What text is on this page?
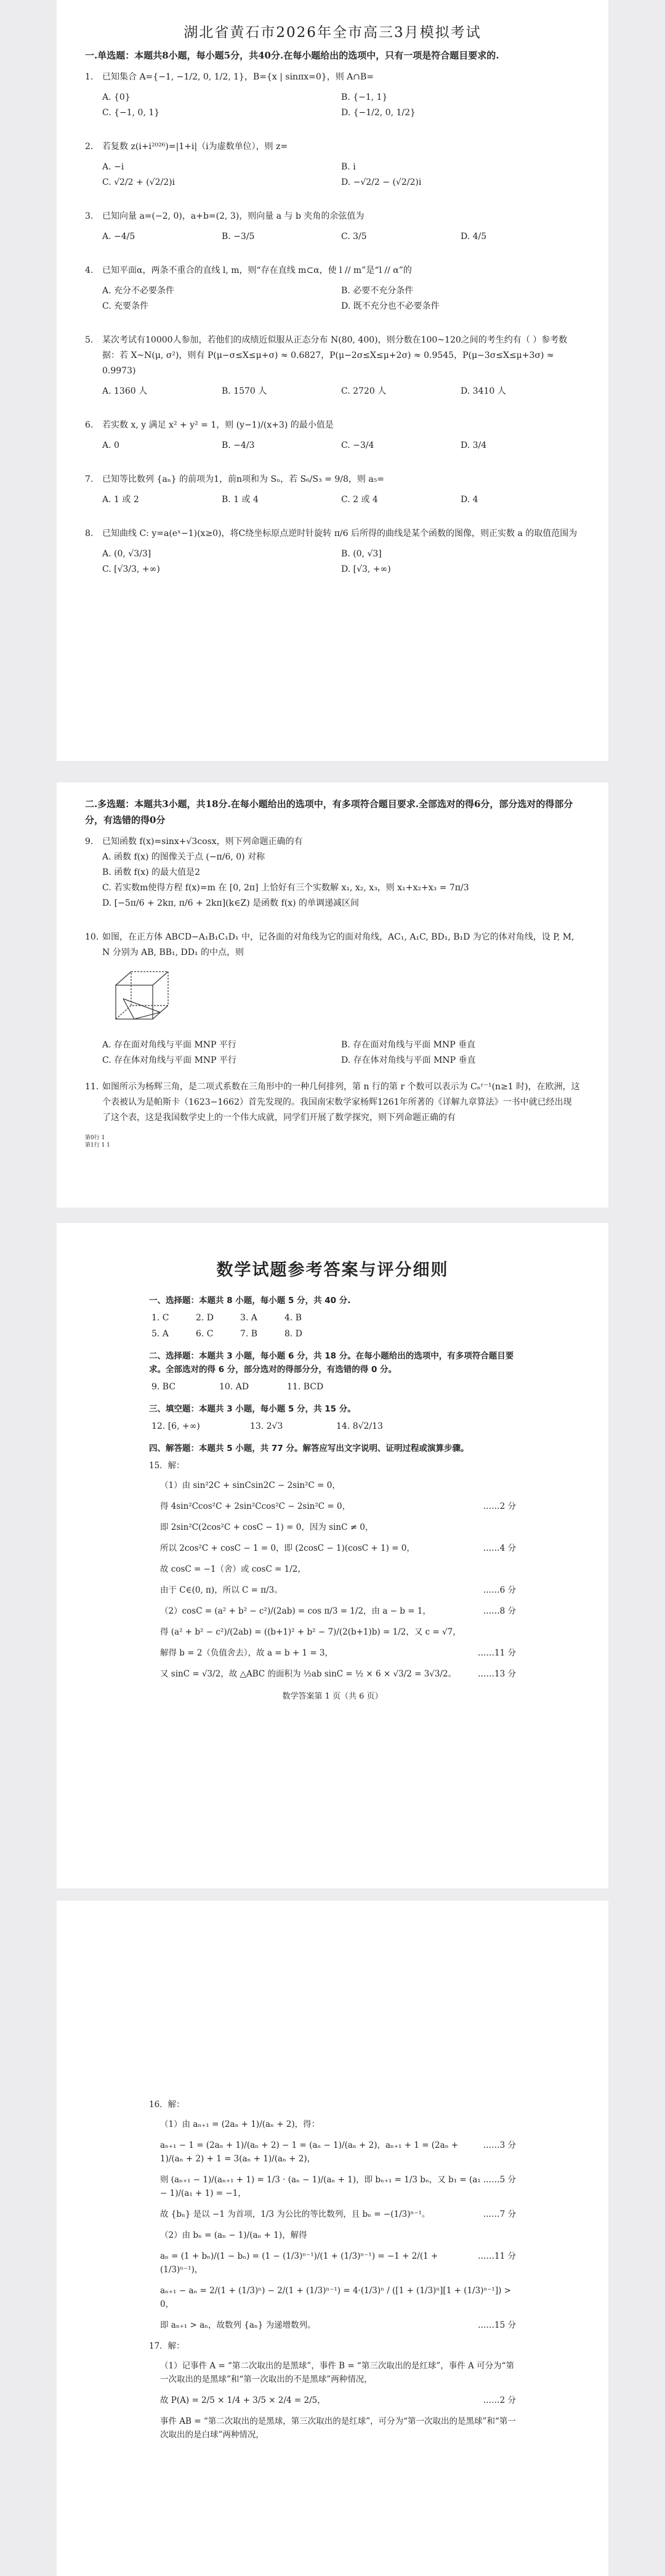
湖北省黄石市2026年全市高三3月模拟考试
一.单选题：本题共8小题，每小题5分，共40分.在每小题给出的选项中，只有一项是符合题目要求的.
1. 已知集合 A={−1, −1/2, 0, 1/2, 1}，B={x | sinπx=0}，则 A∩B=
A. {0}	B. {−1, 1}
C. {−1, 0, 1}	D. {−1/2, 0, 1/2}
2. 若复数 z(i+i²⁰²⁶)=|1+i|（i为虚数单位），则 z=
A. −i	B. i
C. √2/2 + (√2/2)i	D. −√2/2 − (√2/2)i
3. 已知向量 a=(−2, 0)，a+b=(2, 3)，则向量 a 与 b 夹角的余弦值为
A. −4/5	B. −3/5	C. 3/5	D. 4/5
4. 已知平面α，两条不重合的直线 l, m，则“存在直线 m⊂α，使 l // m”是“l // α”的
A. 充分不必要条件	B. 必要不充分条件
C. 充要条件	D. 既不充分也不必要条件
5. 某次考试有10000人参加，若他们的成绩近似服从正态分布 N(80, 400)，则分数在100~120之间的考生约有（ ）参考数据：若 X~N(μ, σ²)，则有 P(μ−σ≤X≤μ+σ) ≈ 0.6827，P(μ−2σ≤X≤μ+2σ) ≈ 0.9545，P(μ−3σ≤X≤μ+3σ) ≈ 0.9973)
A. 1360 人	B. 1570 人	C. 2720 人	D. 3410 人
6. 若实数 x, y 满足 x² + y² = 1，则 (y−1)/(x+3) 的最小值是
A. 0	B. −4/3	C. −3/4	D. 3/4
7. 已知等比数列 {aₙ} 的前项为1，前n项和为 Sₙ，若 S₆/S₃ = 9/8，则 a₅=
A. 1 或 2	B. 1 或 4	C. 2 或 4	D. 4
8. 已知曲线 C: y=a(eˣ−1)(x≥0)，将C绕坐标原点逆时针旋转 π/6 后所得的曲线是某个函数的图像，则正实数 a 的取值范围为
A. (0, √3/3]	B. (0, √3]
C. [√3/3, +∞)	D. [√3, +∞)
二.多选题：本题共3小题，共18分.在每小题给出的选项中，有多项符合题目要求.全部选对的得6分，部分选对的得部分分，有选错的得0分
9. 已知函数 f(x)=sinx+√3cosx，则下列命题正确的有
A. 函数 f(x) 的图像关于点 (−π/6, 0) 对称
B. 函数 f(x) 的最大值是2
C. 若实数m使得方程 f(x)=m 在 [0, 2π] 上恰好有三个实数解 x₁, x₂, x₃，则 x₁+x₂+x₃ = 7π/3
D. [−5π/6 + 2kπ, π/6 + 2kπ](k∈Z) 是函数 f(x) 的单调递减区间
10. 如图，在正方体 ABCD−A₁B₁C₁D₁ 中，记各面的对角线为它的面对角线，AC₁, A₁C, BD₁, B₁D 为它的体对角线，设 P, M, N 分别为 AB, BB₁, DD₁ 的中点，则
A. 存在面对角线与平面 MNP 平行	B. 存在面对角线与平面 MNP 垂直
C. 存在体对角线与平面 MNP 平行	D. 存在体对角线与平面 MNP 垂直
11. 如图所示为杨辉三角，是二项式系数在三角形中的一种几何排列，第 n 行的第 r 个数可以表示为 Cₙʳ⁻¹(n≥1 时)，在欧洲，这个表被认为是帕斯卡（1623−1662）首先发现的。我国南宋数学家杨辉1261年所著的《详解九章算法》一书中就已经出现了这个表，这是我国数学史上的一个伟大成就，同学们开展了数学探究，则下列命题正确的有
第0行 1
第1行 1 1
数学试题参考答案与评分细则
一、选择题：本题共 8 小题，每小题 5 分，共 40 分.
1. C	2. D	3. A	4. B
5. A	6. C	7. B	8. D
二、选择题：本题共 3 小题，每小题 6 分，共 18 分。在每小题给出的选项中，有多项符合题目要求。全部选对的得 6 分，部分选对的得部分分，有选错的得 0 分。
9. BC	10. AD	11. BCD
三、填空题：本题共 3 小题，每小题 5 分，共 15 分。
12. [6, +∞)	13. 2√3	14. 8√2/13
四、解答题：本题共 5 小题，共 77 分。解答应写出文字说明、证明过程或演算步骤。
15．解：
（1）由 sin²2C + sinCsin2C − 2sin²C = 0，
得 4sin²Ccos²C + 2sin²Ccos²C − 2sin²C = 0，	……2 分
即 2sin²C(2cos²C + cosC − 1) = 0，因为 sinC ≠ 0，
所以 2cos²C + cosC − 1 = 0，即 (2cosC − 1)(cosC + 1) = 0，	……4 分
故 cosC = −1（舍）或 cosC = 1/2，
由于 C∈(0, π)，所以 C = π/3。	……6 分
（2）cosC = (a² + b² − c²)/(2ab) = cos π/3 = 1/2，由 a − b = 1，	……8 分
得 (a² + b² − c²)/(2ab) = ((b+1)² + b² − 7)/(2(b+1)b) = 1/2，又 c = √7，
解得 b = 2（负值舍去），故 a = b + 1 = 3，	……11 分
又 sinC = √3/2，故 △ABC 的面积为 ½ab sinC = ½ × 6 × √3/2 = 3√3/2。	……13 分
数学答案第 1 页（共 6 页）
16．解：
（1）由 aₙ₊₁ = (2aₙ + 1)/(aₙ + 2)，得：
aₙ₊₁ − 1 = (2aₙ + 1)/(aₙ + 2) − 1 = (aₙ − 1)/(aₙ + 2)，aₙ₊₁ + 1 = (2aₙ + 1)/(aₙ + 2) + 1 = 3(aₙ + 1)/(aₙ + 2)，
……3 分
则 (aₙ₊₁ − 1)/(aₙ₊₁ + 1) = 1/3 · (aₙ − 1)/(aₙ + 1)，即 bₙ₊₁ = 1/3 bₙ，又 b₁ = (a₁ − 1)/(a₁ + 1) = −1，
……5 分
故 {bₙ} 是以 −1 为首项，1/3 为公比的等比数列，且 bₙ = −(1/3)ⁿ⁻¹。	……7 分
（2）由 bₙ = (aₙ − 1)/(aₙ + 1)，解得
aₙ = (1 + bₙ)/(1 − bₙ) = (1 − (1/3)ⁿ⁻¹)/(1 + (1/3)ⁿ⁻¹) = −1 + 2/(1 + (1/3)ⁿ⁻¹)，
……11 分
aₙ₊₁ − aₙ = 2/(1 + (1/3)ⁿ) − 2/(1 + (1/3)ⁿ⁻¹) = 4·(1/3)ⁿ / ([1 + (1/3)ⁿ][1 + (1/3)ⁿ⁻¹]) > 0，
即 aₙ₊₁ > aₙ，故数列 {aₙ} 为递增数列。	……15 分
17．解：
（1）记事件 A = “第二次取出的是黑球”，事件 B = “第三次取出的是红球”，事件 A 可分为“第一次取出的是黑球”和“第一次取出的不是黑球”两种情况，
故 P(A) = 2/5 × 1/4 + 3/5 × 2/4 = 2/5，	……2 分
事件 AB = “第二次取出的是黑球，第三次取出的是红球”，可分为“第一次取出的是黑球”和“第一次取出的是白球”两种情况，
